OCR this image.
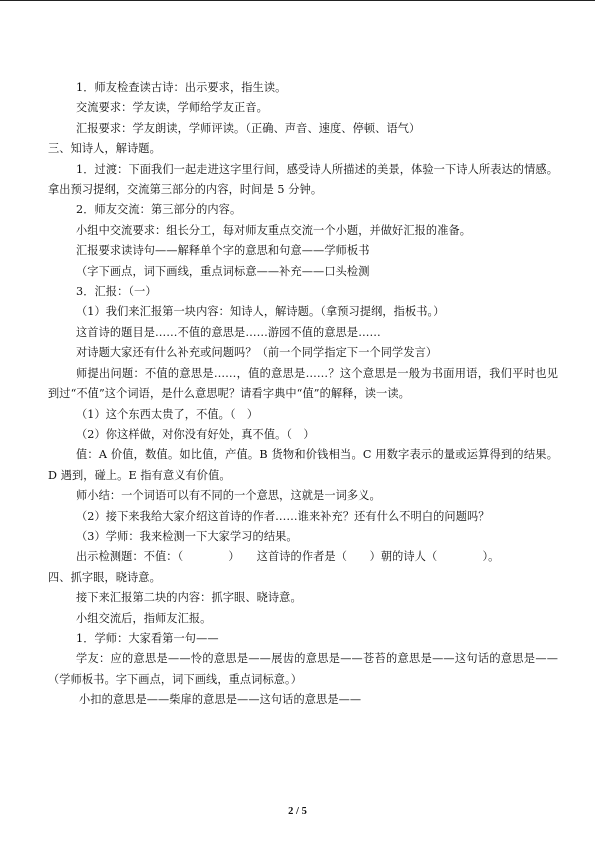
1．师友检查读古诗：出示要求，指生读。

交流要求：学友读，学师给学友正音。

汇报要求：学友朗读，学师评读。（正确、声音、速度、停顿、语气）

三、知诗人，解诗题。

1．过渡：下面我们一起走进这字里行间，感受诗人所描述的美景，体验一下诗人所表达的情感。拿出预习提纲，交流第三部分的内容，时间是 5 分钟。

2．师友交流：第三部分的内容。

小组中交流要求：组长分工，每对师友重点交流一个小题，并做好汇报的准备。

汇报要求读诗句——解释单个字的意思和句意——学师板书

（字下画点，词下画线，重点词标意——补充——口头检测

3．汇报：（一）

（1）我们来汇报第一块内容：知诗人，解诗题。（拿预习提纲，指板书。）

这首诗的题目是……不值的意思是……游园不值的意思是……

对诗题大家还有什么补充或问题吗？（前一个同学指定下一个同学发言）

师提出问题：不值的意思是……，值的意思是……？这个意思是一般为书面用语，我们平时也见到过“不值”这个词语，是什么意思呢？请看字典中“值”的解释，读一读。

（1）这个东西太贵了，不值。（　）

（2）你这样做，对你没有好处，真不值。（　）

值：A 价值，数值。如比值，产值。B 货物和价钱相当。C 用数字表示的量或运算得到的结果。D 遇到，碰上。E 指有意义有价值。

师小结：一个词语可以有不同的一个意思，这就是一词多义。

（2）接下来我给大家介绍这首诗的作者……谁来补充？还有什么不明白的问题吗？

（3）学师：我来检测一下大家学习的结果。

出示检测题：不值：（　　　　）　　这首诗的作者是（　　）朝的诗人（　　　　）。

四、抓字眼，晓诗意。

接下来汇报第二块的内容：抓字眼、晓诗意。

小组交流后，指师友汇报。

1．学师：大家看第一句——

学友：应的意思是——怜的意思是——展齿的意思是——苍苔的意思是——这句话的意思是——（学师板书。字下画点，词下画线，重点词标意。）

小扣的意思是——柴扉的意思是——这句话的意思是——

2 / 5
